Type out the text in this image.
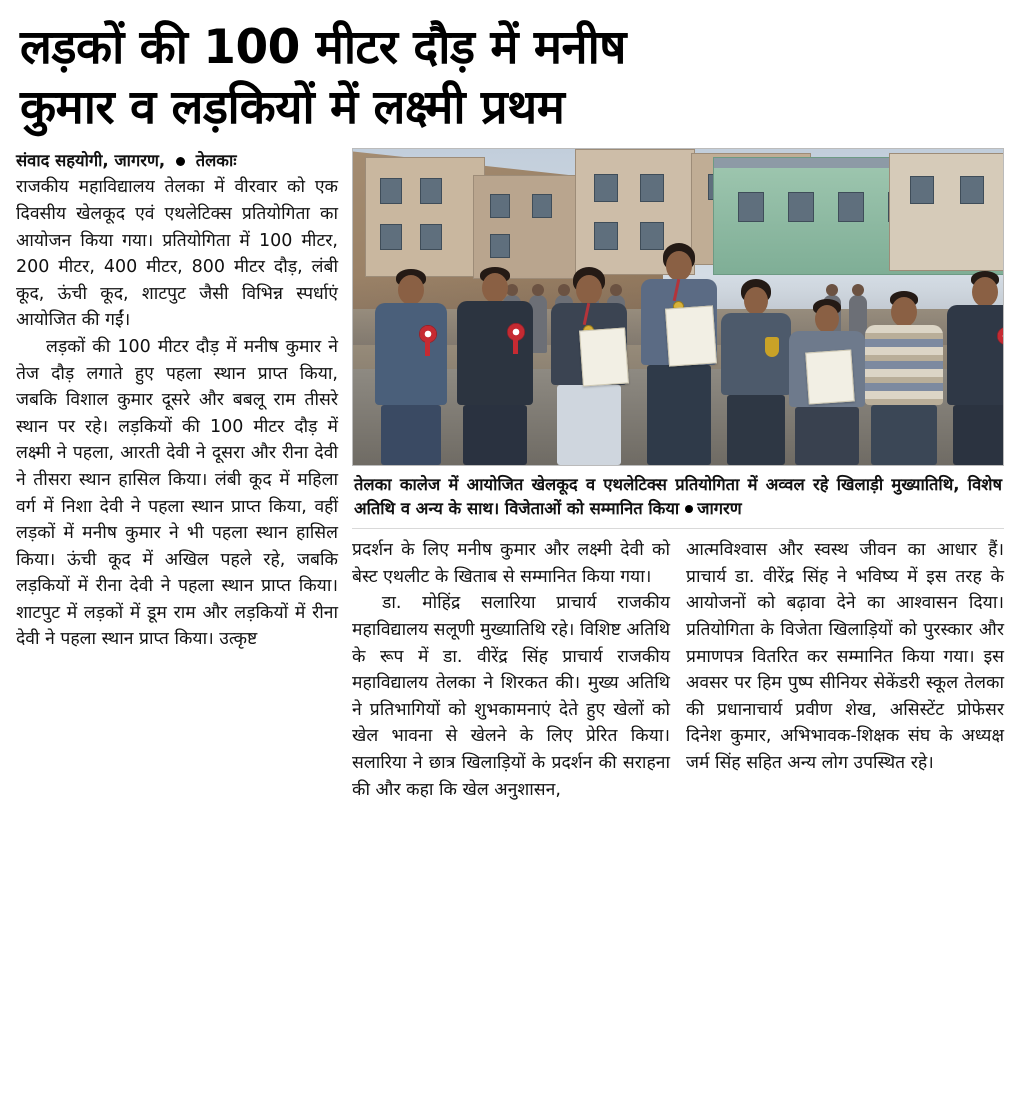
लड़कों की 100 मीटर दौड़ में मनीष
कुमार व लड़कियों में लक्ष्मी प्रथम
संवाद सहयोगी, जागरण, तेलकाः

राजकीय महाविद्यालय तेलका में वीरवार को एक दिवसीय खेलकूद एवं एथलेटिक्स प्रतियोगिता का आयोजन किया गया। प्रतियोगिता में 100 मीटर, 200 मीटर, 400 मीटर, 800 मीटर दौड़, लंबी कूद, ऊंची कूद, शाटपुट जैसी विभिन्न स्पर्धाएं आयोजित की गईं।

लड़कों की 100 मीटर दौड़ में मनीष कुमार ने तेज दौड़ लगाते हुए पहला स्थान प्राप्त किया, जबकि विशाल कुमार दूसरे और बबलू राम तीसरे स्थान पर रहे। लड़कियों की 100 मीटर दौड़ में लक्ष्मी ने पहला, आरती देवी ने दूसरा और रीना देवी ने तीसरा स्थान हासिल किया। लंबी कूद में महिला वर्ग में निशा देवी ने पहला स्थान प्राप्त किया, वहीं लड़कों में मनीष कुमार ने भी पहला स्थान हासिल किया। ऊंची कूद में अखिल पहले रहे, जबकि लड़कियों में रीना देवी ने पहला स्थान प्राप्त किया। शाटपुट में लड़कों में डूम राम और लड़कियों में रीना देवी ने पहला स्थान प्राप्त किया। उत्कृष्ट

तेलका कालेज में आयोजित खेलकूद व एथलेटिक्स प्रतियोगिता में अव्वल रहे खिलाड़ी मुख्यातिथि, विशेष अतिथि व अन्य के साथ। विजेताओं को सम्मानित किया जागरण

प्रदर्शन के लिए मनीष कुमार और लक्ष्मी देवी को बेस्ट एथलीट के खिताब से सम्मानित किया गया।

डा. मोहिंद्र सलारिया प्राचार्य राजकीय महाविद्यालय सलूणी मुख्यातिथि रहे। विशिष्ट अतिथि के रूप में डा. वीरेंद्र सिंह प्राचार्य राजकीय महाविद्यालय तेलका ने शिरकत की। मुख्य अतिथि ने प्रतिभागियों को शुभकामनाएं देते हुए खेलों को खेल भावना से खेलने के लिए प्रेरित किया। सलारिया ने छात्र खिलाड़ियों के प्रदर्शन की सराहना की और कहा कि खेल अनुशासन,

आत्मविश्वास और स्वस्थ जीवन का आधार हैं। प्राचार्य डा. वीरेंद्र सिंह ने भविष्य में इस तरह के आयोजनों को बढ़ावा देने का आश्वासन दिया। प्रतियोगिता के विजेता खिलाड़ियों को पुरस्कार और प्रमाणपत्र वितरित कर सम्मानित किया गया। इस अवसर पर हिम पुष्प सीनियर सेकेंडरी स्कूल तेलका की प्रधानाचार्य प्रवीण शेख, असिस्टेंट प्रोफेसर दिनेश कुमार, अभिभावक-शिक्षक संघ के अध्यक्ष जर्म सिंह सहित अन्य लोग उपस्थित रहे।
